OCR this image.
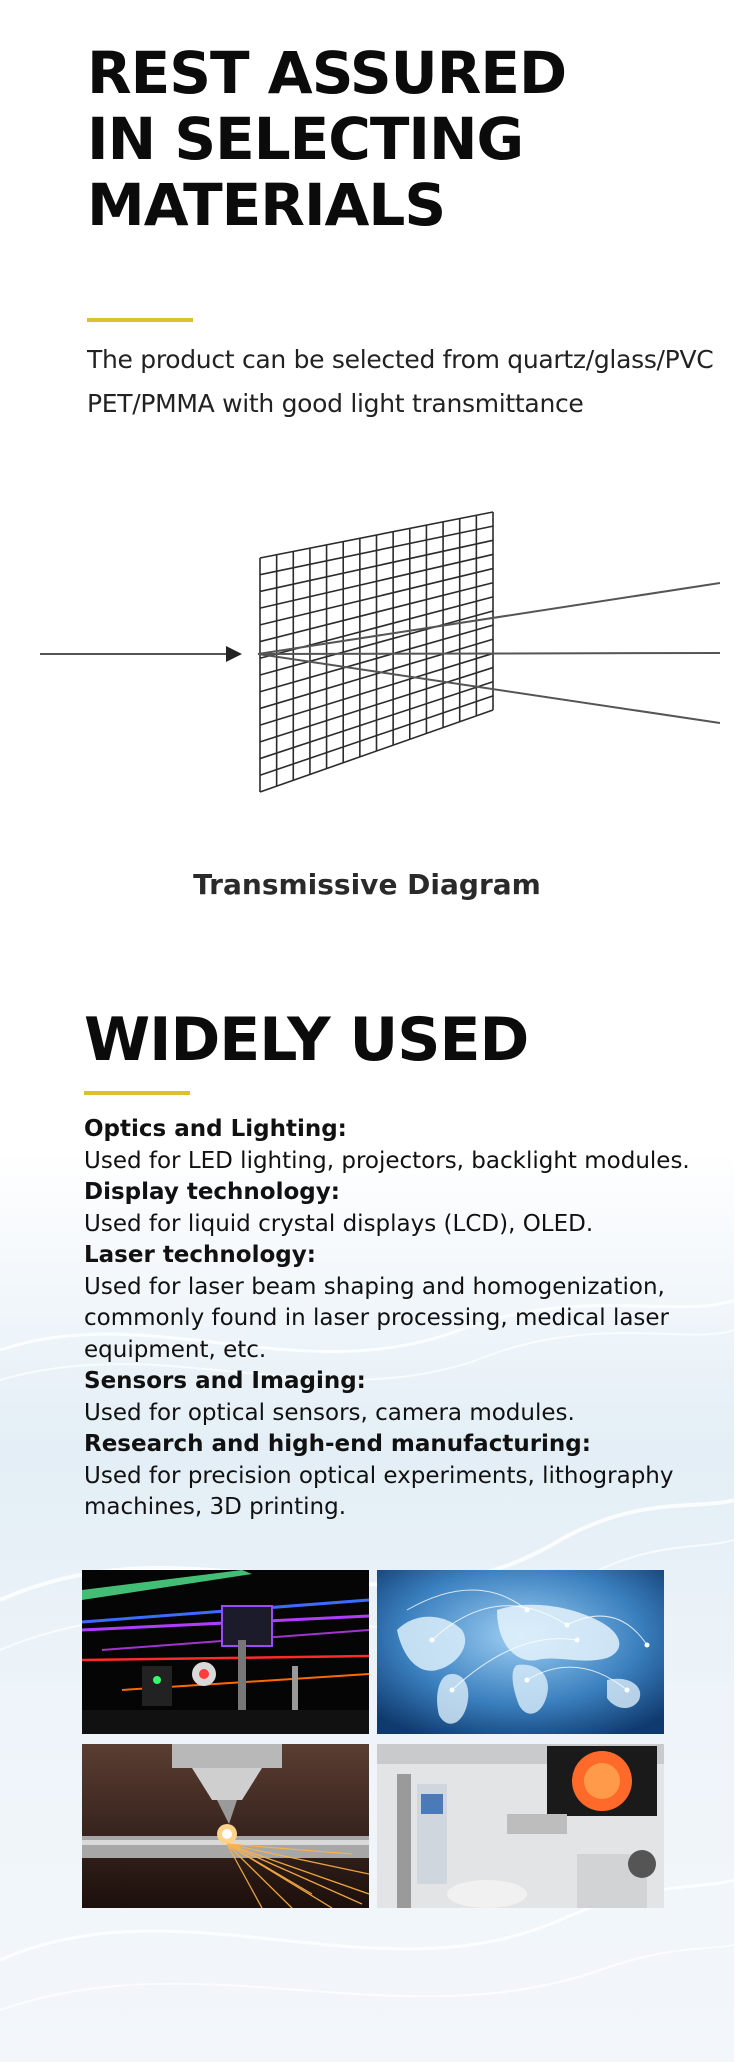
REST ASSURED IN SELECTING MATERIALS

The product can be selected from quartz/glass/PVC PET/PMMA with good light transmittance

Transmissive Diagram
WIDELY USED
Optics and Lighting:
Used for LED lighting, projectors, backlight modules.
Display technology:
Used for liquid crystal displays (LCD), OLED.
Laser technology:
Used for laser beam shaping and homogenization, commonly found in laser processing, medical laser equipment, etc.
Sensors and Imaging:
Used for optical sensors, camera modules.
Research and high-end manufacturing:
Used for precision optical experiments, lithography machines, 3D printing.
